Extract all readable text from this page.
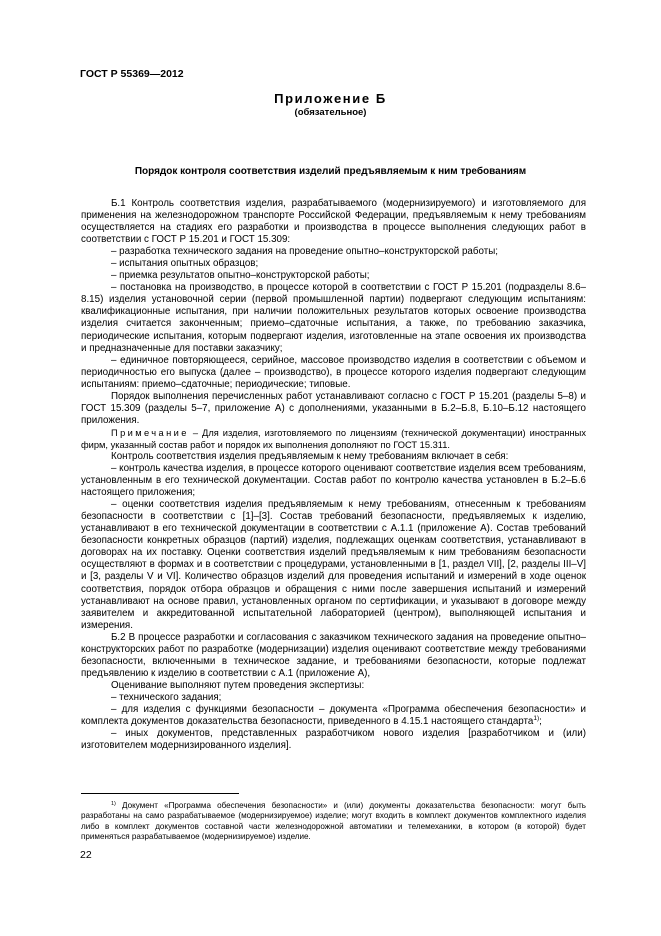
ГОСТ Р 55369—2012
Приложение Б
(обязательное)
Порядок контроля соответствия изделий предъявляемым к ним требованиям

Б.1 Контроль соответствия изделия, разрабатываемого (модернизируемого) и изготовляемого для применения на железнодорожном транспорте Российской Федерации, предъявляемым к нему требованиям осуществляется на стадиях его разработки и производства в процессе выполнения следующих работ в соответствии с ГОСТ Р 15.201 и ГОСТ 15.309:

– разработка технического задания на проведение опытно–конструкторской работы;

– испытания опытных образцов;

– приемка результатов опытно–конструкторской работы;

– постановка на производство, в процессе которой в соответствии с ГОСТ Р 15.201 (подразделы 8.6–8.15) изделия установочной серии (первой промышленной партии) подвергают следующим испытаниям: квалификационные испытания, при наличии положительных результатов которых освоение производства изделия считается законченным; приемо–сдаточные испытания, а также, по требованию заказчика, периодические испытания, которым подвергают изделия, изготовленные на этапе освоения их производства и предназначенные для поставки заказчику;

– единичное повторяющееся, серийное, массовое производство изделия в соответствии с объемом и периодичностью его выпуска (далее – производство), в процессе которого изделия подвергают следующим испытаниям: приемо–сдаточные; периодические; типовые.

Порядок выполнения перечисленных работ устанавливают согласно с ГОСТ Р 15.201 (разделы 5–8) и ГОСТ 15.309 (разделы 5–7, приложение А) с дополнениями, указанными в Б.2–Б.8, Б.10–Б.12 настоящего приложения.

Примечание – Для изделия, изготовляемого по лицензиям (технической документации) иностранных фирм, указанный состав работ и порядок их выполнения дополняют по ГОСТ 15.311.

Контроль соответствия изделия предъявляемым к нему требованиям включает в себя:

– контроль качества изделия, в процессе которого оценивают соответствие изделия всем требованиям, установленным в его технической документации. Состав работ по контролю качества установлен в Б.2–Б.6 настоящего приложения;

– оценки соответствия изделия предъявляемым к нему требованиям, отнесенным к требованиям безопасности в соответствии с [1]–[3]. Состав требований безопасности, предъявляемых к изделию, устанавливают в его технической документации в соответствии с А.1.1 (приложение А). Состав требований безопасности конкретных образцов (партий) изделия, подлежащих оценкам соответствия, устанавливают в договорах на их поставку. Оценки соответствия изделий предъявляемым к ним требованиям безопасности осуществляют в формах и в соответствии с процедурами, установленными в [1, раздел VII], [2, разделы III–V] и [3, разделы V и VI]. Количество образцов изделий для проведения испытаний и измерений в ходе оценок соответствия, порядок отбора образцов и обращения с ними после завершения испытаний и измерений устанавливают на основе правил, установленных органом по сертификации, и указывают в договоре между заявителем и аккредитованной испытательной лабораторией (центром), выполняющей испытания и измерения.

Б.2 В процессе разработки и согласования с заказчиком технического задания на проведение опытно–конструкторских работ по разработке (модернизации) изделия оценивают соответствие между требованиями безопасности, включенными в техническое задание, и требованиями безопасности, которые подлежат предъявлению к изделию в соответствии с А.1 (приложение А),

Оценивание выполняют путем проведения экспертизы:

– технического задания;

– для изделия с функциями безопасности – документа «Программа обеспечения безопасности» и комплекта документов доказательства безопасности, приведенного в 4.15.1 настоящего стандарта$^{1)}$;

– иных документов, представленных разработчиком нового изделия [разработчиком и (или) изготовителем модернизированного изделия].

$^{1)}$ Документ «Программа обеспечения безопасности» и (или) документы доказательства безопасности: могут быть разработаны на само разрабатываемое (модернизируемое) изделие; могут входить в комплект документов комплектного изделия либо в комплект документов составной части железнодорожной автоматики и телемеханики, в котором (в которой) будет применяться разрабатываемое (модернизируемое) изделие.

22
